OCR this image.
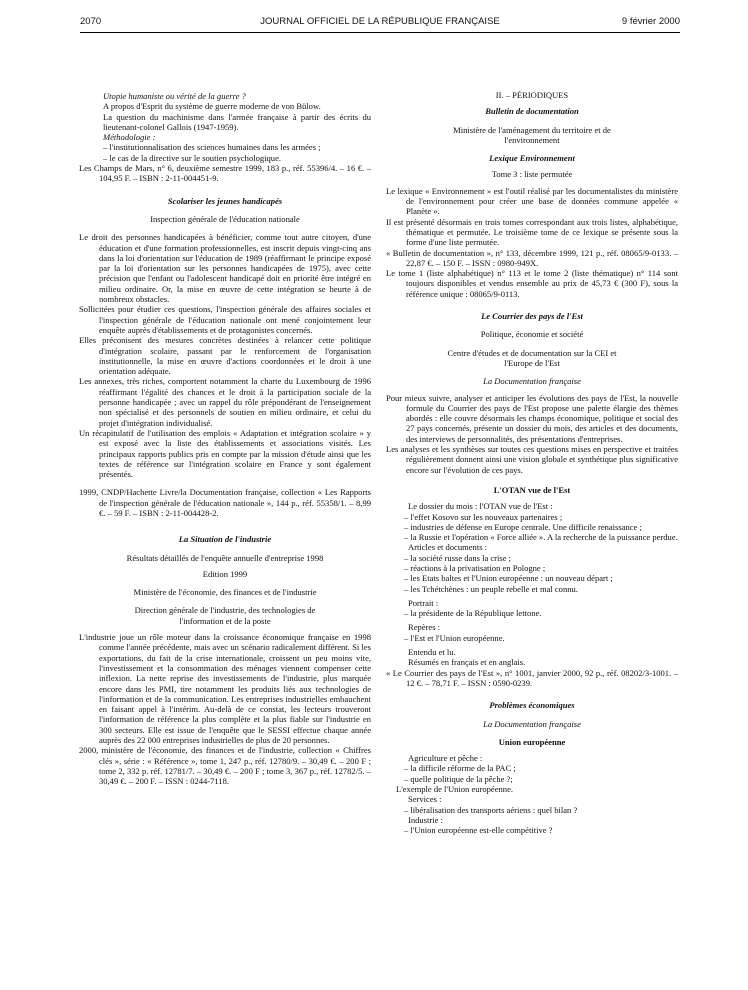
2070	JOURNAL OFFICIEL DE LA RÉPUBLIQUE FRANÇAISE	9 février 2000

Utopie humaniste ou vérité de la guerre ?

A propos d'Esprit du système de guerre moderne de von Bülow.

La question du machinisme dans l'armée française à partir des écrits du lieutenant-colonel Gallois (1947-1959).

Méthodologie :

– l'institutionnalisation des sciences humaines dans les armées ;

– le cas de la directive sur le soutien psychologique.

Les Champs de Mars, n° 6, deuxième semestre 1999, 183 p., réf. 55396/4. – 16 €. – 104,95 F. – ISBN : 2-11-004451-9.

Scolariser les jeunes handicapés

Inspection générale de l'éducation nationale

Le droit des personnes handicapées à bénéficier, comme tout autre citoyen, d'une éducation et d'une formation professionnelles, est inscrit depuis vingt-cinq ans dans la loi d'orientation sur l'éducation de 1989 (réaffirmant le principe exposé par la loi d'orientation sur les personnes handicapées de 1975), avec cette précision que l'enfant ou l'adolescent handicapé doit en priorité être intégré en milieu ordinaire. Or, la mise en œuvre de cette intégration se heurte à de nombreux obstacles.

Sollicitées pour étudier ces questions, l'inspection générale des affaires sociales et l'inspection générale de l'éducation nationale ont mené conjointement leur enquête auprès d'établissements et de protagonistes concernés.

Elles préconisent des mesures concrètes destinées à relancer cette politique d'intégration scolaire, passant par le renforcement de l'organisation institutionnelle, la mise en œuvre d'actions coordonnées et le droit à une orientation adéquate.

Les annexes, très riches, comportent notamment la charte du Luxembourg de 1996 réaffirmant l'égalité des chances et le droit à la participation sociale de la personne handicapée ; avec un rappel du rôle prépondérant de l'enseignement non spécialisé et des personnels de soutien en milieu ordinaire, et celui du projet d'intégration individualisé.

Un récapitulatif de l'utilisation des emplois « Adaptation et intégration scolaire » y est exposé avec la liste des établissements et associations visités. Les principaux rapports publics pris en compte par la mission d'étude ainsi que les textes de référence sur l'intégration scolaire en France y sont également présentés.

1999, CNDP/Hachette Livre/la Documentation française, collection « Les Rapports de l'inspection générale de l'éducation nationale », 144 p., réf. 55358/1. – 8,99 €. – 59 F. – ISBN : 2-11-004428-2.

La Situation de l'industrie

Résultats détaillés de l'enquête annuelle d'entreprise 1998

Edition 1999

Ministère de l'économie, des finances et de l'industrie

Direction générale de l'industrie, des technologies de l'information et de la poste

L'industrie joue un rôle moteur dans la croissance économique française en 1998 comme l'année précédente, mais avec un scénario radicalement différent. Si les exportations, du fait de la crise internationale, croissent un peu moins vite, l'investissement et la consommation des ménages viennent compenser cette inflexion. La nette reprise des investissements de l'industrie, plus marquée encore dans les PMI, tire notamment les produits liés aux technologies de l'information et de la communication. Les entreprises industrielles embauchent en faisant appel à l'intérim. Au-delà de ce constat, les lecteurs trouveront l'information de référence la plus complète et la plus fiable sur l'industrie en 300 secteurs. Elle est issue de l'enquête que le SESSI effectue chaque année auprès des 22 000 entreprises industrielles de plus de 20 personnes.

2000, ministère de l'économie, des finances et de l'industrie, collection « Chiffres clés », série : « Référence », tome 1, 247 p., réf. 12780/9. – 30,49 €. – 200 F ; tome 2, 332 p. réf. 12781/7. – 30,49 €. – 200 F ; tome 3, 367 p., réf. 12782/5. – 30,49 €. – 200 F. – ISSN : 0244-7118.

II. – PÉRIODIQUES

Bulletin de documentation

Ministère de l'aménagement du territoire et de l'environnement

Lexique Environnement

Tome 3 : liste permutée

Le lexique « Environnement » est l'outil réalisé par les documentalistes du ministère de l'environnement pour créer une base de données commune appelée « Planète ».

Il est présenté désormais en trois tomes correspondant aux trois listes, alphabétique, thématique et permutée. Le troisième tome de ce lexique se présente sous la forme d'une liste permutée.

« Bulletin de documentation », n° 133, décembre 1999, 121 p., réf. 08065/9-0133. – 22,87 €. – 150 F. – ISSN : 0980-949X.

Le tome 1 (liste alphabétique) n° 113 et le tome 2 (liste thématique) n° 114 sont toujours disponibles et vendus ensemble au prix de 45,73 € (300 F), sous la référence unique : 08065/9-0113.

Le Courrier des pays de l'Est

Politique, économie et société

Centre d'études et de documentation sur la CEI et l'Europe de l'Est

La Documentation française

Pour mieux suivre, analyser et anticiper les évolutions des pays de l'Est, la nouvelle formule du Courrier des pays de l'Est propose une palette élargie des thèmes abordés : elle couvre désormais les champs économique, politique et social des 27 pays concernés, présente un dossier du mois, des articles et des documents, des interviews de personnalités, des présentations d'entreprises.

Les analyses et les synthèses sur toutes ces questions mises en perspective et traitées régulièrement donnent ainsi une vision globale et synthétique plus significative encore sur l'évolution de ces pays.

L'OTAN vue de l'Est

Le dossier du mois : l'OTAN vue de l'Est :

– l'effet Kosovo sur les nouveaux partenaires ;

– industries de défense en Europe centrale. Une difficile renaissance ;

– la Russie et l'opération « Force alliée ». A la recherche de la puissance perdue.

Articles et documents :

– la société russe dans la crise ;

– réactions à la privatisation en Pologne ;

– les Etats baltes et l'Union européenne : un nouveau départ ;

– les Tchétchènes : un peuple rebelle et mal connu.

Portrait :

– la présidente de la République lettone.

Repères :

– l'Est et l'Union européenne.

Entendu et lu.

Résumés en français et en anglais.

« Le Courrier des pays de l'Est », n° 1001, janvier 2000, 92 p., réf. 08202/3-1001. – 12 €. – 78,71 F. – ISSN : 0590-0239.

Problèmes économiques

La Documentation française

Union européenne

Agriculture et pêche :

– la difficile réforme de la PAC ;

– quelle politique de la pêche ?;

L'exemple de l'Union européenne.

Services :

– libéralisation des transports aériens : quel bilan ?

Industrie :

– l'Union européenne est-elle compétitive ?
